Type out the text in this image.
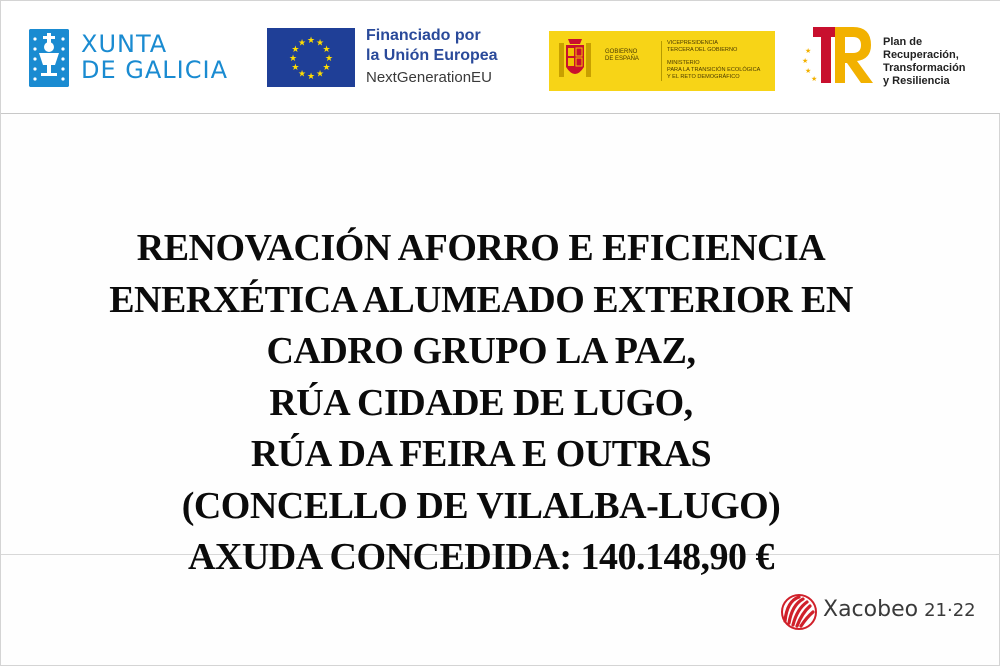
XUNTA
DE GALICIA
★ ★
★
★
★
★
★
★
★
★
★
★	Financiado por
la Unión Europea
NextGenerationEU
GOBIERNO
DE ESPAÑA
VICEPRESIDENCIA
TERCERA DEL GOBIERNO
MINISTERIO
PARA LA TRANSICIÓN ECOLÓGICA
Y EL RETO DEMOGRÁFICO
★
★
★
★
Plan de
Recuperación,
Transformación
y Resiliencia
RENOVACIÓN AFORRO E EFICIENCIA
ENERXÉTICA ALUMEADO EXTERIOR EN
CADRO GRUPO LA PAZ,
RÚA CIDADE DE LUGO,
RÚA DA FEIRA E OUTRAS
(CONCELLO DE VILALBA-LUGO)
AXUDA CONCEDIDA: 140.148,90 €
Xacobeo 21·22
